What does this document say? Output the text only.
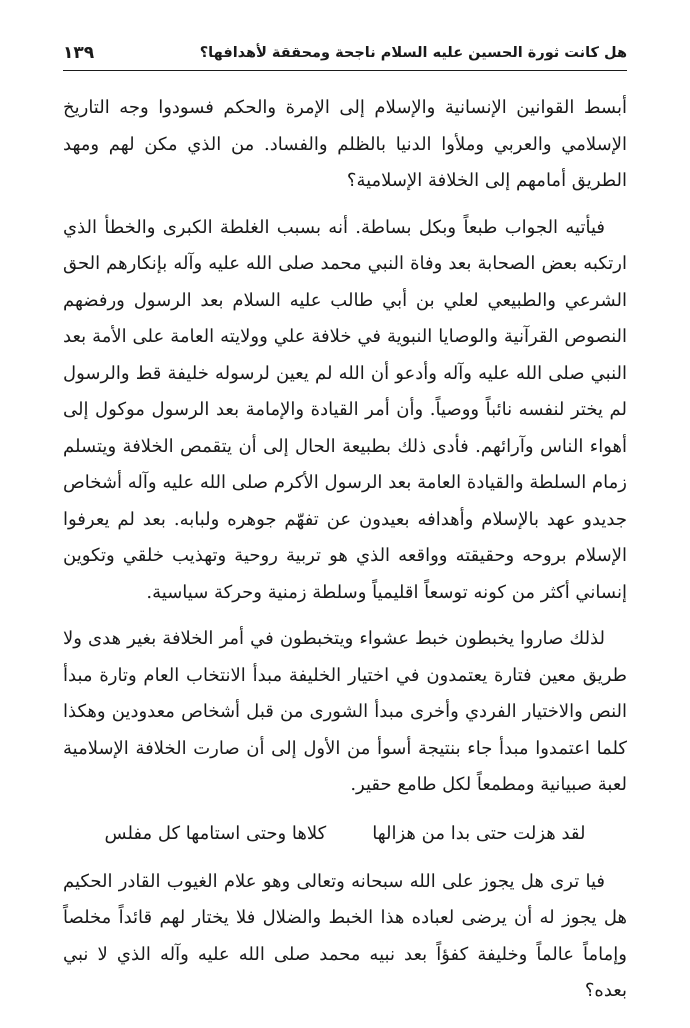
هل كانت ثورة الحسين عليه السلام ناجحة ومحققة لأهدافها؟
١٣٩

أبسط القوانين الإنسانية والإسلام إلى الإمرة والحكم فسودوا وجه التاريخ الإسلامي والعربي وملأوا الدنيا بالظلم والفساد. من الذي مكن لهم ومهد الطريق أمامهم إلى الخلافة الإسلامية؟

فيأتيه الجواب طبعاً وبكل بساطة. أنه بسبب الغلطة الكبرى والخطأ الذي ارتكبه بعض الصحابة بعد وفاة النبي محمد صلى الله عليه وآله بإنكارهم الحق الشرعي والطبيعي لعلي بن أبي طالب عليه السلام بعد الرسول ورفضهم النصوص القرآنية والوصايا النبوية في خلافة علي وولايته العامة على الأمة بعد النبي صلى الله عليه وآله وأدعو أن الله لم يعين لرسوله خليفة قط والرسول لم يختر لنفسه نائباً ووصياً. وأن أمر القيادة والإمامة بعد الرسول موكول إلى أهواء الناس وآرائهم. فأدى ذلك بطبيعة الحال إلى أن يتقمص الخلافة ويتسلم زمام السلطة والقيادة العامة بعد الرسول الأكرم صلى الله عليه وآله أشخاص جديدو عهد بالإسلام وأهدافه بعيدون عن تفهّم جوهره ولبابه. بعد لم يعرفوا الإسلام بروحه وحقيقته وواقعه الذي هو تربية روحية وتهذيب خلقي وتكوين إنساني أكثر من كونه توسعاً اقليمياً وسلطة زمنية وحركة سياسية.

لذلك صاروا يخبطون خبط عشواء ويتخبطون في أمر الخلافة بغير هدى ولا طريق معين فتارة يعتمدون في اختيار الخليفة مبدأ الانتخاب العام وتارة مبدأ النص والاختيار الفردي وأخرى مبدأ الشورى من قبل أشخاص معدودين وهكذا كلما اعتمدوا مبدأ جاء بنتيجة أسوأ من الأول إلى أن صارت الخلافة الإسلامية لعبة صبيانية ومطمعاً لكل طامع حقير.

لقد هزلت حتى بدا من هزالها
كلاها وحتى استامها كل مفلس

فيا ترى هل يجوز على الله سبحانه وتعالى وهو علام الغيوب القادر الحكيم هل يجوز له أن يرضى لعباده هذا الخبط والضلال فلا يختار لهم قائداً مخلصاً وإماماً عالماً وخليفة كفؤاً بعد نبيه محمد صلى الله عليه وآله الذي لا نبي بعده؟
